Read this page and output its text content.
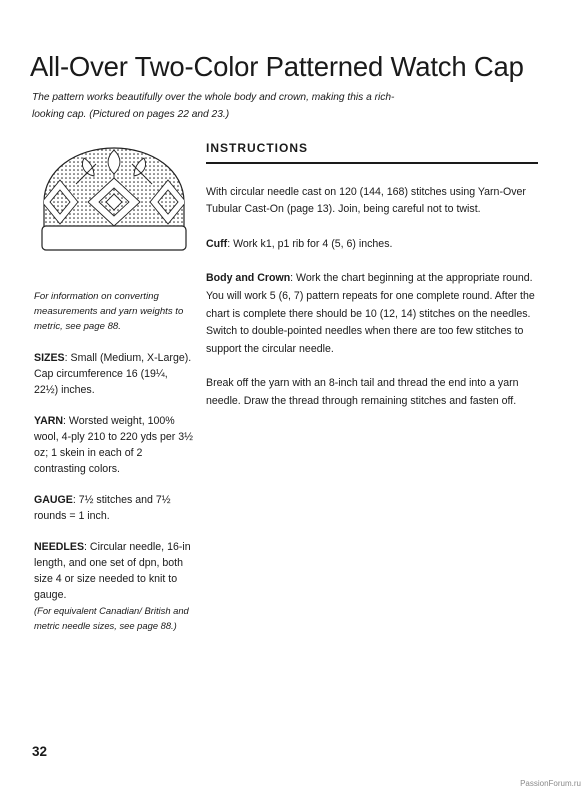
All-Over Two-Color Patterned Watch Cap

The pattern works beautifully over the whole body and crown, making this a rich-looking cap. (Pictured on pages 22 and 23.)

For information on converting measurements and yarn weights to metric, see page 88.

SIZES: Small (Medium, X-Large). Cap circumference 16 (19¼, 22½) inches.

YARN: Worsted weight, 100% wool, 4-ply 210 to 220 yds per 3½ oz; 1 skein in each of 2 contrasting colors.

GAUGE: 7½ stitches and 7½ rounds = 1 inch.

NEEDLES: Circular needle, 16-in length, and one set of dpn, both size 4 or size needed to knit to gauge.
(For equivalent Canadian/ British and metric needle sizes, see page 88.)

INSTRUCTIONS

With circular needle cast on 120 (144, 168) stitches using Yarn-Over Tubular Cast-On (page 13). Join, being careful not to twist.

Cuff: Work k1, p1 rib for 4 (5, 6) inches.

Body and Crown: Work the chart beginning at the appropriate round. You will work 5 (6, 7) pattern repeats for one complete round. After the chart is complete there should be 10 (12, 14) stitches on the needles. Switch to double-pointed needles when there are too few stitches to support the circular needle.

Break off the yarn with an 8-inch tail and thread the end into a yarn needle. Draw the thread through remaining stitches and fasten off.

32
PassionForum.ru
